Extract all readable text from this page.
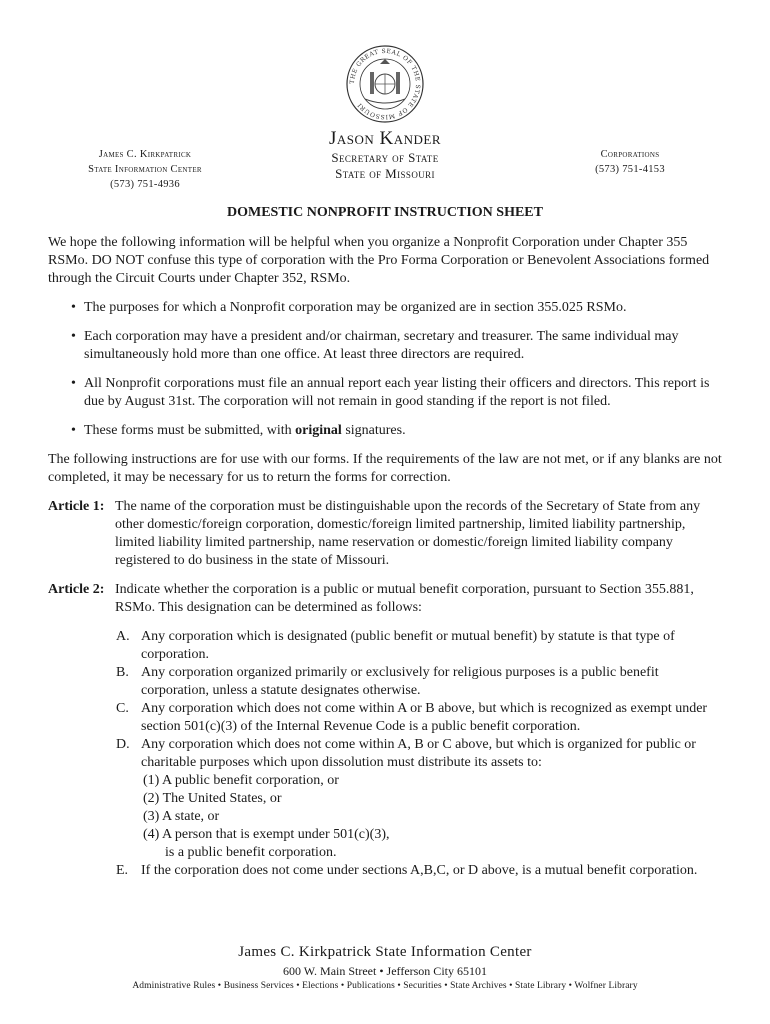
THE GREAT SEAL OF THE STATE OF MISSOURI
James C. Kirkpatrick
State Information Center
(573) 751-4936
Jason Kander
Secretary of State
State of Missouri
Corporations
(573) 751-4153
DOMESTIC NONPROFIT INSTRUCTION SHEET

We hope the following information will be helpful when you organize a Nonprofit Corporation under Chapter 355 RSMo. DO NOT confuse this type of corporation with the Pro Forma Corporation or Benevolent Associations formed through the Circuit Courts under Chapter 352, RSMo.

• The purposes for which a Nonprofit corporation may be organized are in section 355.025 RSMo.
• Each corporation may have a president and/or chairman, secretary and treasurer. The same individual may simultaneously hold more than one office. At least three directors are required.
• All Nonprofit corporations must file an annual report each year listing their officers and directors. This report is due by August 31st. The corporation will not remain in good standing if the report is not filed.
• These forms must be submitted, with original signatures.

The following instructions are for use with our forms. If the requirements of the law are not met, or if any blanks are not completed, it may be necessary for us to return the forms for correction.

Article 1: The name of the corporation must be distinguishable upon the records of the Secretary of State from any other domestic/foreign corporation, domestic/foreign limited partnership, limited liability partnership, limited liability limited partnership, name reservation or domestic/foreign limited liability company registered to do business in the state of Missouri.
Article 2: Indicate whether the corporation is a public or mutual benefit corporation, pursuant to Section 355.881, RSMo. This designation can be determined as follows:
A. Any corporation which is designated (public benefit or mutual benefit) by statute is that type of corporation.
B. Any corporation organized primarily or exclusively for religious purposes is a public benefit corporation, unless a statute designates otherwise.
C. Any corporation which does not come within A or B above, but which is recognized as exempt under section 501(c)(3) of the Internal Revenue Code is a public benefit corporation.
D. Any corporation which does not come within A, B or C above, but which is organized for public or charitable purposes which upon dissolution must distribute its assets to:
(1) A public benefit corporation, or
(2) The United States, or
(3) A state, or
(4) A person that is exempt under 501(c)(3),
is a public benefit corporation.
E. If the corporation does not come under sections A,B,C, or D above, is a mutual benefit corporation.
James C. Kirkpatrick State Information Center
600 W. Main Street • Jefferson City 65101
Administrative Rules • Business Services • Elections • Publications • Securities • State Archives • State Library • Wolfner Library
